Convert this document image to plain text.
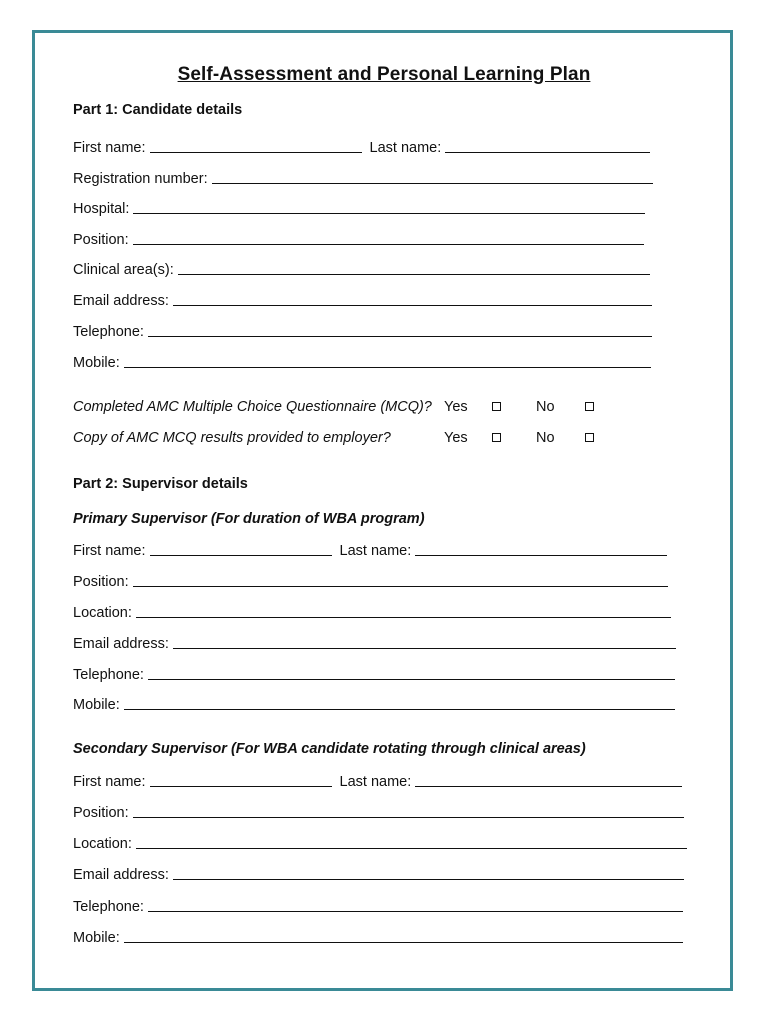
Self-Assessment and Personal Learning Plan
Part 1: Candidate details
First name:	Last name:
Registration number:
Hospital:
Position:
Clinical area(s):
Email address:
Telephone:
Mobile:
Completed AMC Multiple Choice Questionnaire (MCQ)? Yes	No
Copy of AMC MCQ results provided to employer?	Yes	No
Part 2: Supervisor details
Primary Supervisor (For duration of WBA program)
First name:	Last name:
Position:
Location:
Email address:
Telephone:
Mobile:
Secondary Supervisor (For WBA candidate rotating through clinical areas)
First name:	Last name:
Position:
Location:
Email address:
Telephone:
Mobile:
